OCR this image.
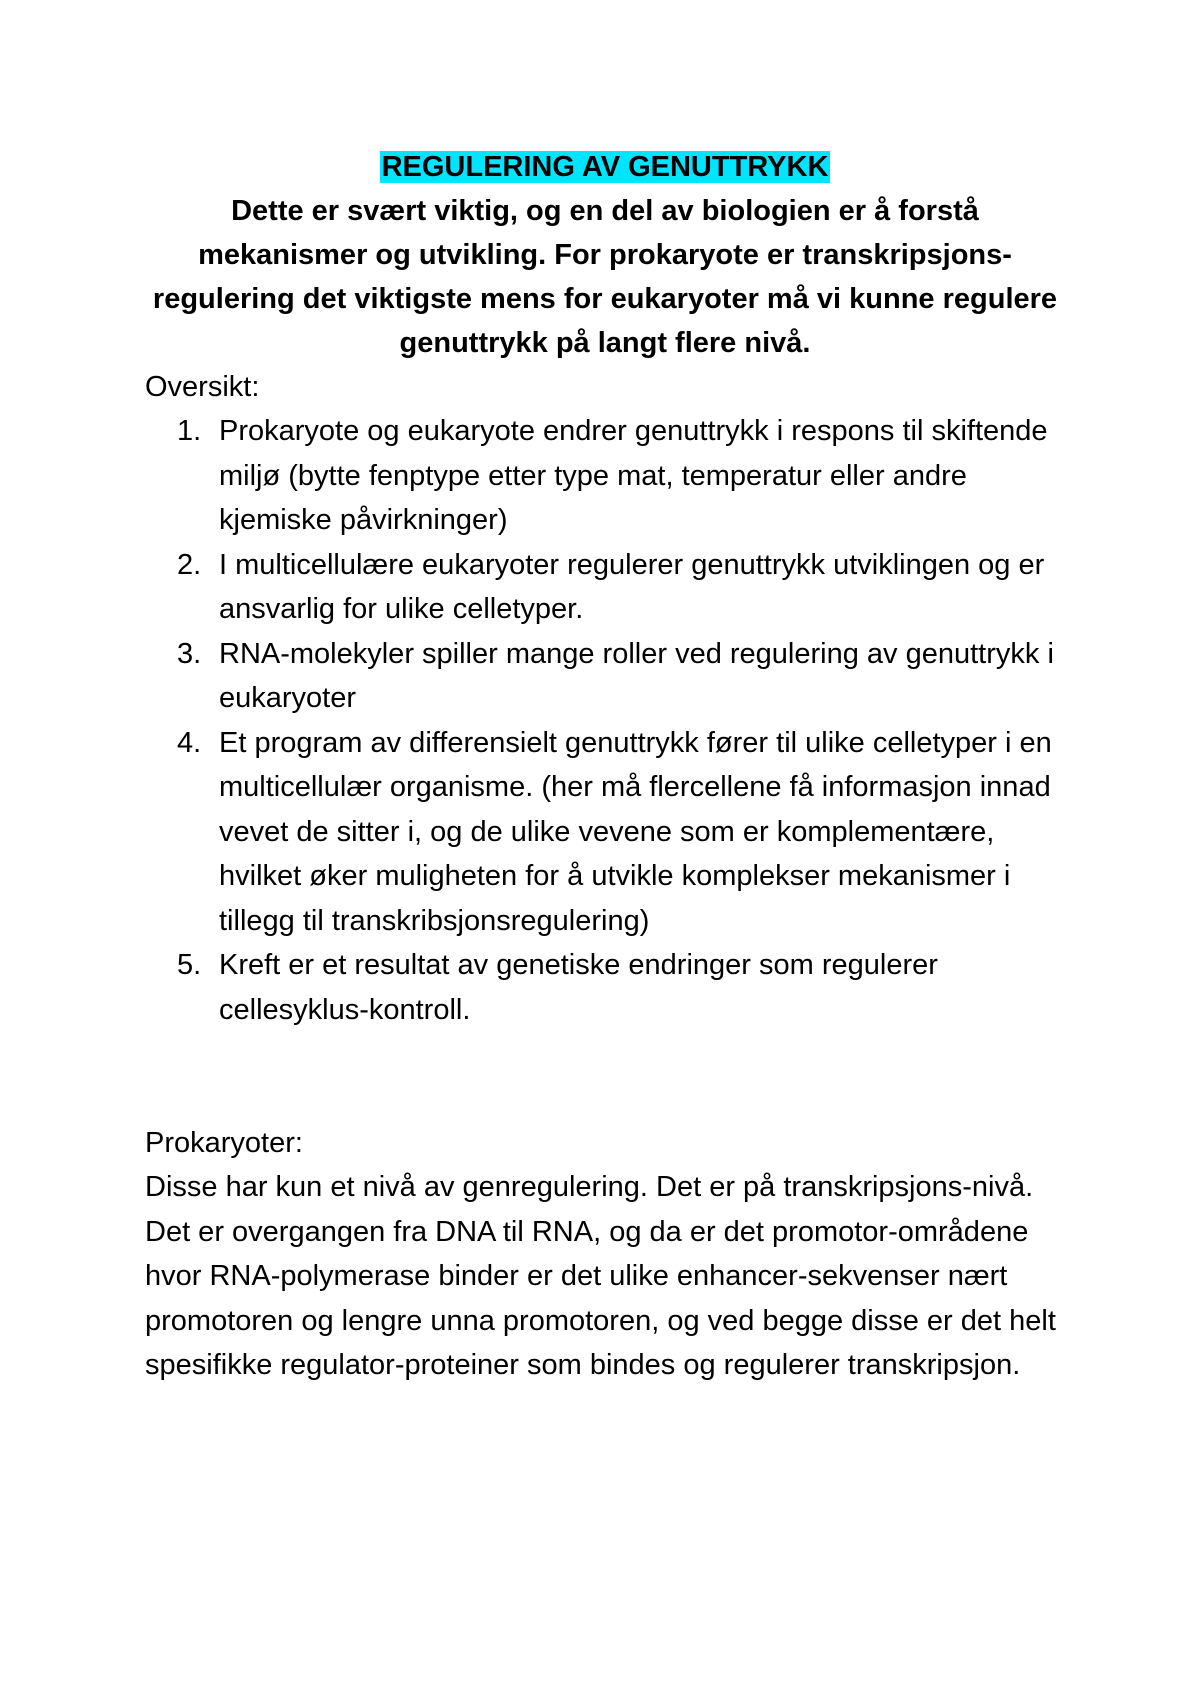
REGULERING AV GENUTTRYKK

Dette er svært viktig, og en del av biologien er å forstå mekanismer og utvikling. For prokaryote er transkripsjons-regulering det viktigste mens for eukaryoter må vi kunne regulere genuttrykk på langt flere nivå.

Oversikt:

1. Prokaryote og eukaryote endrer genuttrykk i respons til skiftende miljø (bytte fenptype etter type mat, temperatur eller andre kjemiske påvirkninger)
2. I multicellulære eukaryoter regulerer genuttrykk utviklingen og er ansvarlig for ulike celletyper.
3. RNA-molekyler spiller mange roller ved regulering av genuttrykk i eukaryoter
4. Et program av differensielt genuttrykk fører til ulike celletyper i en multicellulær organisme. (her må flercellene få informasjon innad vevet de sitter i, og de ulike vevene som er komplementære, hvilket øker muligheten for å utvikle komplekser mekanismer i tillegg til transkribsjonsregulering)
5. Kreft er et resultat av genetiske endringer som regulerer cellesyklus-kontroll.

Prokaryoter:

Disse har kun et nivå av genregulering. Det er på transkripsjons-nivå. Det er overgangen fra DNA til RNA, og da er det promotor-områdene hvor RNA-polymerase binder er det ulike enhancer-sekvenser nært promotoren og lengre unna promotoren, og ved begge disse er det helt spesifikke regulator-proteiner som bindes og regulerer transkripsjon.
